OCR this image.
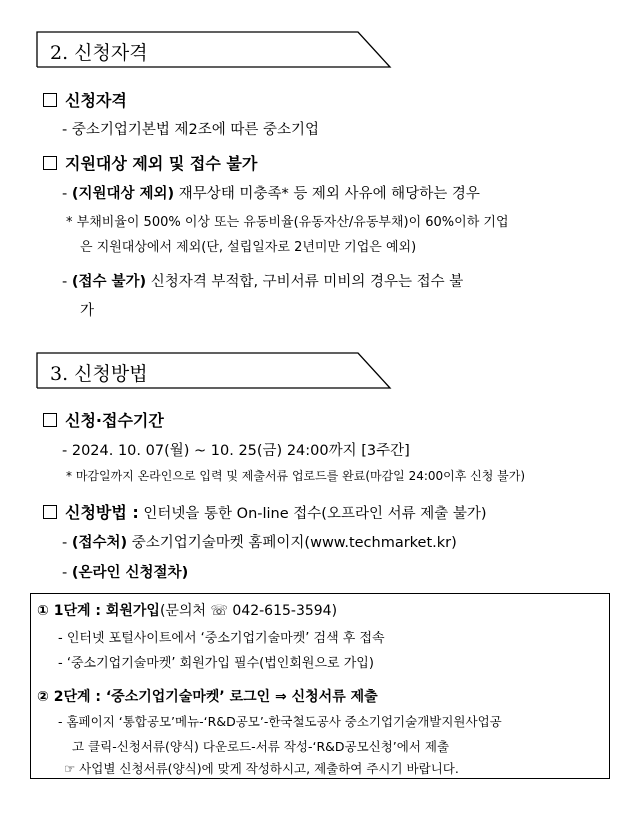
2. 신청자격
신청자격
- 중소기업기본법 제2조에 따른 중소기업
지원대상 제외 및 접수 불가
- (지원대상 제외) 재무상태 미충족* 등 제외 사유에 해당하는 경우
* 부채비율이 500% 이상 또는 유동비율(유동자산/유동부채)이 60%이하 기업
은 지원대상에서 제외(단, 설립일자로 2년미만 기업은 예외)
- (접수 불가) 신청자격 부적합, 구비서류 미비의 경우는 접수 불
가
3. 신청방법
신청·접수기간
- 2024. 10. 07(월) ~ 10. 25(금) 24:00까지 [3주간]
* 마감일까지 온라인으로 입력 및 제출서류 업로드를 완료(마감일 24:00이후 신청 불가)
신청방법 : 인터넷을 통한 On-line 접수(오프라인 서류 제출 불가)
- (접수처) 중소기업기술마켓 홈페이지(www.techmarket.kr)
- (온라인 신청절차)
① 1단계 : 회원가입(문의처 ☏ 042-615-3594)
- 인터넷 포털사이트에서 ‘중소기업기술마켓’ 검색 후 접속
- ‘중소기업기술마켓’ 회원가입 필수(법인회원으로 가입)
② 2단계 : ‘중소기업기술마켓’ 로그인 ⇒ 신청서류 제출
- 홈페이지 ‘통합공모’메뉴-‘R&D공모’-한국철도공사 중소기업기술개발지원사업공
고 클릭-신청서류(양식) 다운로드-서류 작성-‘R&D공모신청’에서 제출
☞ 사업별 신청서류(양식)에 맞게 작성하시고, 제출하여 주시기 바랍니다.
